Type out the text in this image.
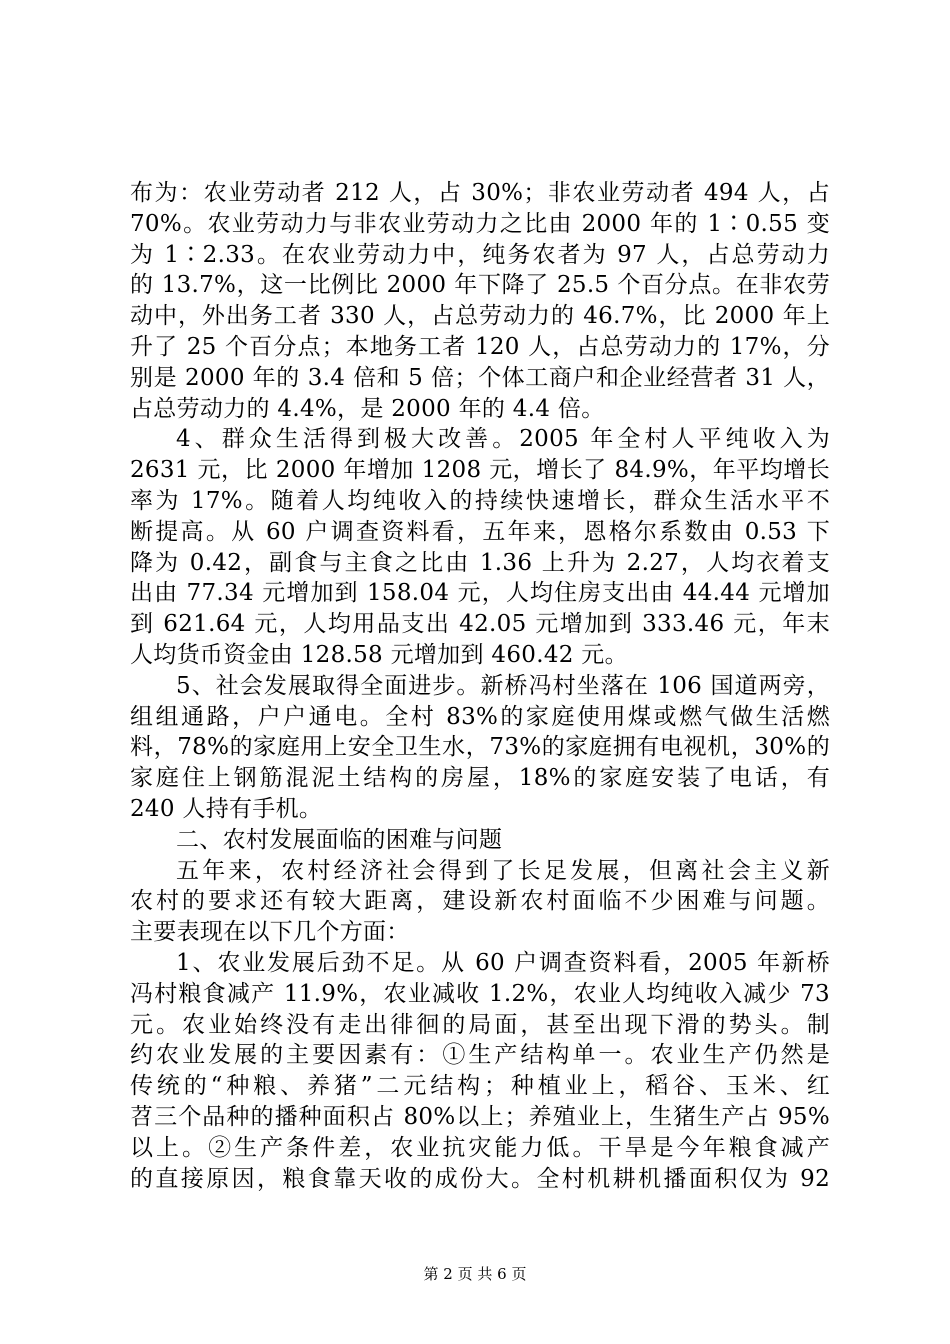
布为：农业劳动者 212 人，占 30%；非农业劳动者 494 人，占
70%。农业劳动力与非农业劳动力之比由 2000 年的 1∶0.55 变
为 1∶2.33。在农业劳动力中，纯务农者为 97 人，占总劳动力
的 13.7%，这一比例比 2000 年下降了 25.5 个百分点。在非农劳
动中，外出务工者 330 人，占总劳动力的 46.7%，比 2000 年上
升了 25 个百分点；本地务工者 120 人，占总劳动力的 17%，分
别是 2000 年的 3.4 倍和 5 倍；个体工商户和企业经营者 31 人，
占总劳动力的 4.4%，是 2000 年的 4.4 倍。
4、群众生活得到极大改善。2005 年全村人平纯收入为
2631 元，比 2000 年增加 1208 元，增长了 84.9%，年平均增长
率为 17%。随着人均纯收入的持续快速增长，群众生活水平不
断提高。从 60 户调查资料看，五年来，恩格尔系数由 0.53 下
降为 0.42，副食与主食之比由 1.36 上升为 2.27，人均衣着支
出由 77.34 元增加到 158.04 元，人均住房支出由 44.44 元增加
到 621.64 元，人均用品支出 42.05 元增加到 333.46 元，年末
人均货币资金由 128.58 元增加到 460.42 元。
5、社会发展取得全面进步。新桥冯村坐落在 106 国道两旁，
组组通路，户户通电。全村 83%的家庭使用煤或燃气做生活燃
料，78%的家庭用上安全卫生水，73%的家庭拥有电视机，30%的
家庭住上钢筋混泥土结构的房屋，18%的家庭安装了电话，有
240 人持有手机。
二、农村发展面临的困难与问题
五年来，农村经济社会得到了长足发展，但离社会主义新
农村的要求还有较大距离，建设新农村面临不少困难与问题。
主要表现在以下几个方面：
1、农业发展后劲不足。从 60 户调查资料看，2005 年新桥
冯村粮食减产 11.9%，农业减收 1.2%，农业人均纯收入减少 73
元。农业始终没有走出徘徊的局面，甚至出现下滑的势头。制
约农业发展的主要因素有：①生产结构单一。农业生产仍然是
传统的“种粮、养猪”二元结构；种植业上，稻谷、玉米、红
苕三个品种的播种面积占 80%以上；养殖业上，生猪生产占 95%
以上。②生产条件差，农业抗灾能力低。干旱是今年粮食减产
的直接原因，粮食靠天收的成份大。全村机耕机播面积仅为 92
第 2 页 共 6 页
